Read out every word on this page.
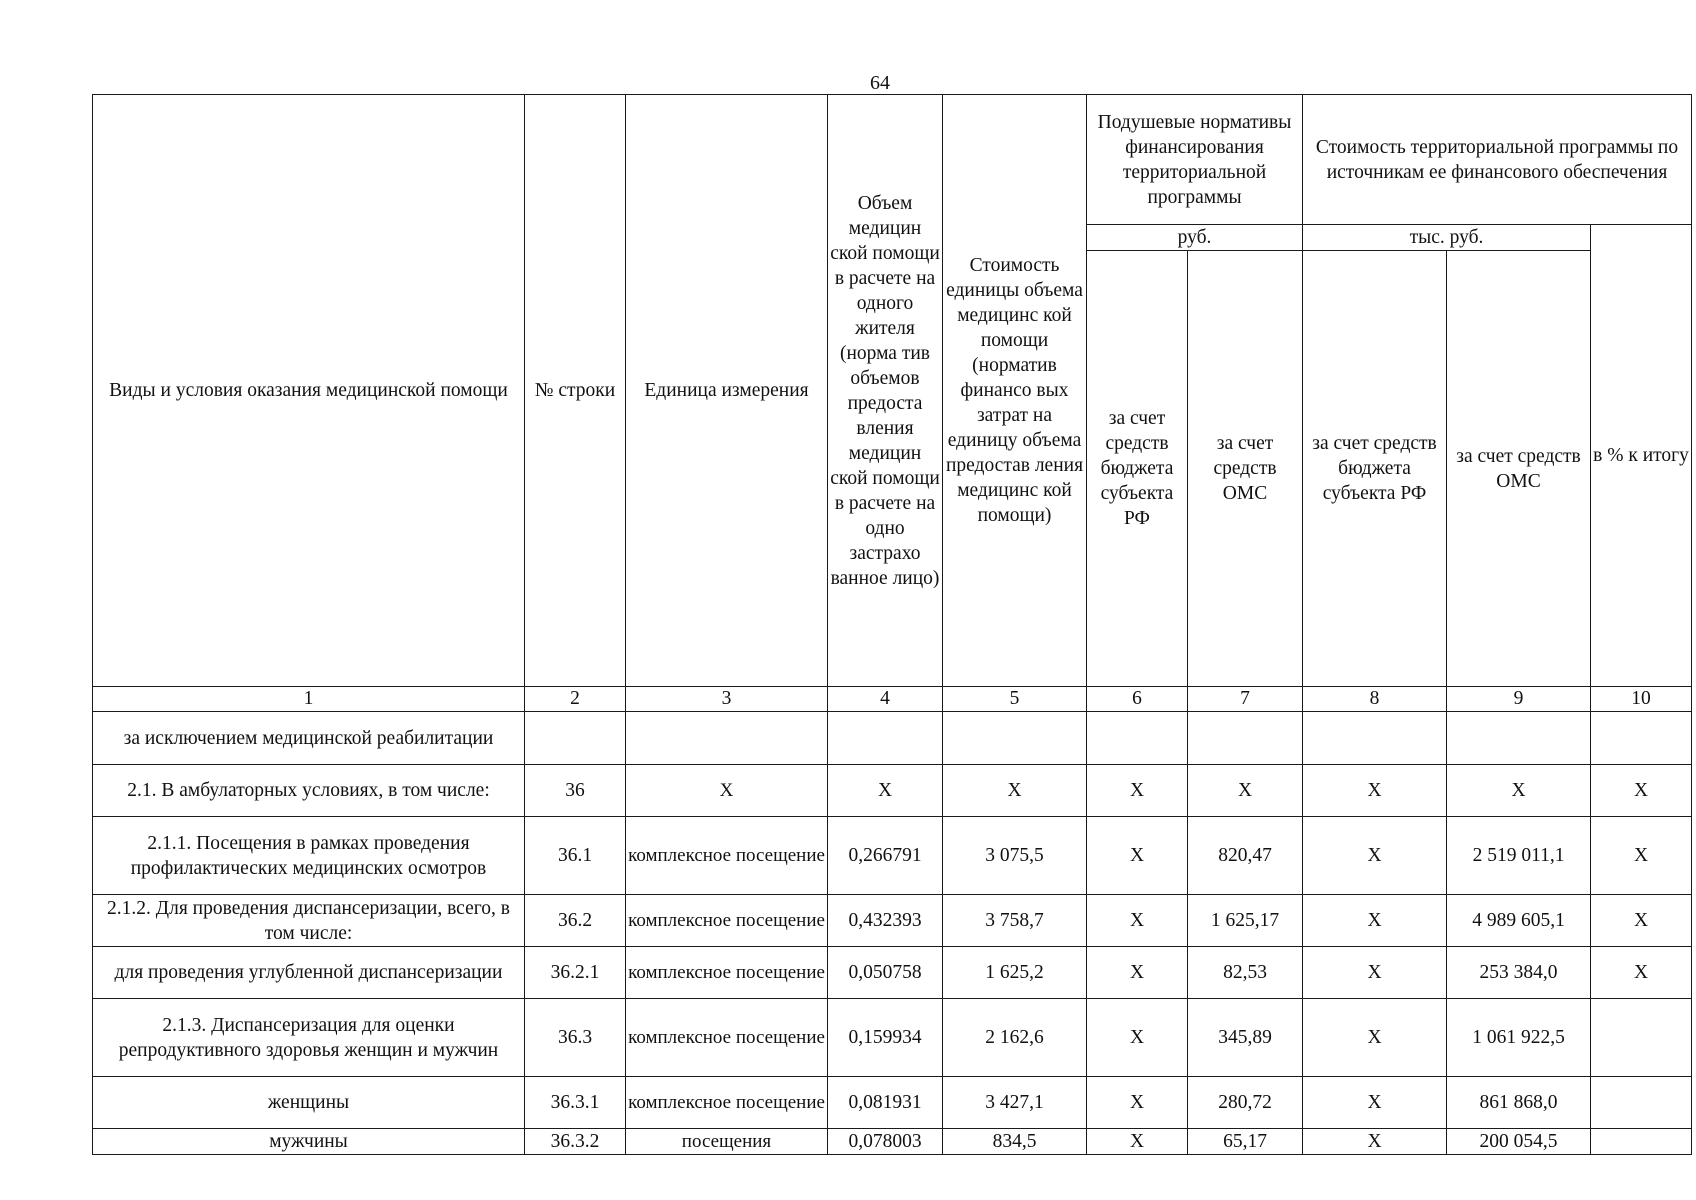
64
Виды и условия оказания медицинской помощи	№ строки	Единица измерения	Объем медицин ской помощи в расчете на одного жителя (норма тив объемов предоста вления медицин ской помощи в расчете на одно застрахо ванное лицо)	Стоимость единицы объема медицинс кой помощи (норматив финансо вых затрат на единицу объема предостав ления медицинс кой помощи)	Подушевые нормативы финансирования территориальной программы		Стоимость территориальной программы по источникам ее финансового обеспечения		
					руб.		тыс. руб.		в % к итогу
					за счет средств бюджета субъекта РФ	за счет средств ОМС	за счет средств бюджета субъекта РФ	за счет средств ОМС	
1	2	3	4	5	6	7	8	9	10
за исключением медицинской реабилитации									
2.1. В амбулаторных условиях, в том числе:	36	X	X	X	X	X	X	X	X
2.1.1. Посещения в рамках проведения профилактических медицинских осмотров	36.1	комплексное посещение	0,266791	3 075,5	X	820,47	X	2 519 011,1	X
2.1.2. Для проведения диспансеризации, всего, в том числе:	36.2	комплексное посещение	0,432393	3 758,7	X	1 625,17	X	4 989 605,1	X
для проведения углубленной диспансеризации	36.2.1	комплексное посещение	0,050758	1 625,2	X	82,53	X	253 384,0	X
2.1.3. Диспансеризация для оценки репродуктивного здоровья женщин и мужчин	36.3	комплексное посещение	0,159934	2 162,6	X	345,89	X	1 061 922,5	
женщины	36.3.1	комплексное посещение	0,081931	3 427,1	X	280,72	X	861 868,0	
мужчины	36.3.2	посещения	0,078003	834,5	X	65,17	X	200 054,5	
